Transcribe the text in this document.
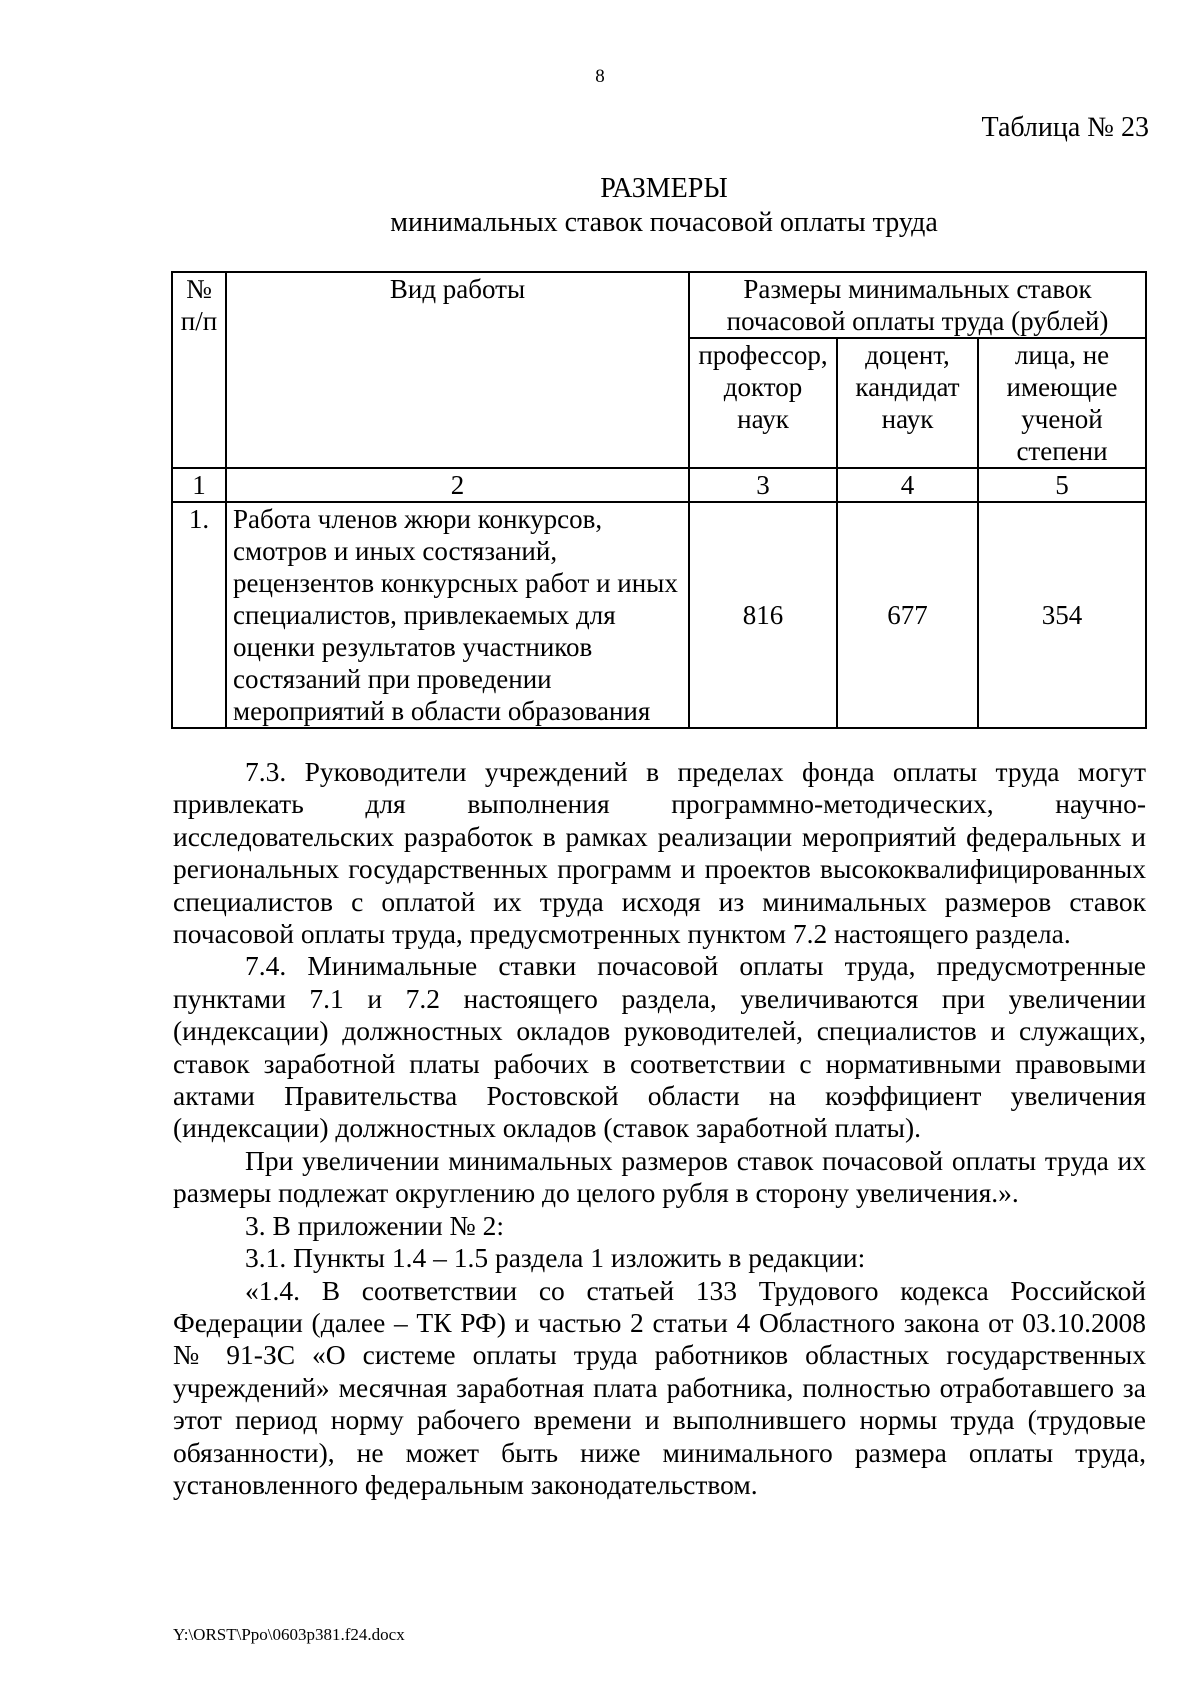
8
Таблица № 23
РАЗМЕРЫ
минимальных ставок почасовой оплаты труда
№ п/п	Вид работы	Размеры минимальных ставок почасовой оплаты труда (рублей)		
		профессор, доктор наук	доцент, кандидат наук	лица, не имеющие ученой степени
1	2	3	4	5
1.	Работа членов жюри конкурсов, смотров и иных состязаний, рецензентов конкурсных работ и иных специалистов, привлекаемых для оценки результатов участников состязаний при проведении мероприятий в области образования	816	677	354

7.3. Руководители учреждений в пределах фонда оплаты труда могут привлекать для выполнения программно-методических, научно-исследовательских разработок в рамках реализации мероприятий федеральных и региональных государственных программ и проектов высококвалифицированных специалистов с оплатой их труда исходя из минимальных размеров ставок почасовой оплаты труда, предусмотренных пунктом 7.2 настоящего раздела.

7.4. Минимальные ставки почасовой оплаты труда, предусмотренные пунктами 7.1 и 7.2 настоящего раздела, увеличиваются при увеличении (индексации) должностных окладов руководителей, специалистов и служащих, ставок заработной платы рабочих в соответствии с нормативными правовыми актами Правительства Ростовской области на коэффициент увеличения (индексации) должностных окладов (ставок заработной платы).

При увеличении минимальных размеров ставок почасовой оплаты труда их размеры подлежат округлению до целого рубля в сторону увеличения.».

3. В приложении № 2:

3.1. Пункты 1.4 – 1.5 раздела 1 изложить в редакции:

«1.4. В соответствии со статьей 133 Трудового кодекса Российской Федерации (далее – ТК РФ) и частью 2 статьи 4 Областного закона от 03.10.2008 № 91-ЗС «О системе оплаты труда работников областных государственных учреждений» месячная заработная плата работника, полностью отработавшего за этот период норму рабочего времени и выполнившего нормы труда (трудовые обязанности), не может быть ниже минимального размера оплаты труда, установленного федеральным законодательством.

Y:\ORST\Ppo\0603p381.f24.docx
